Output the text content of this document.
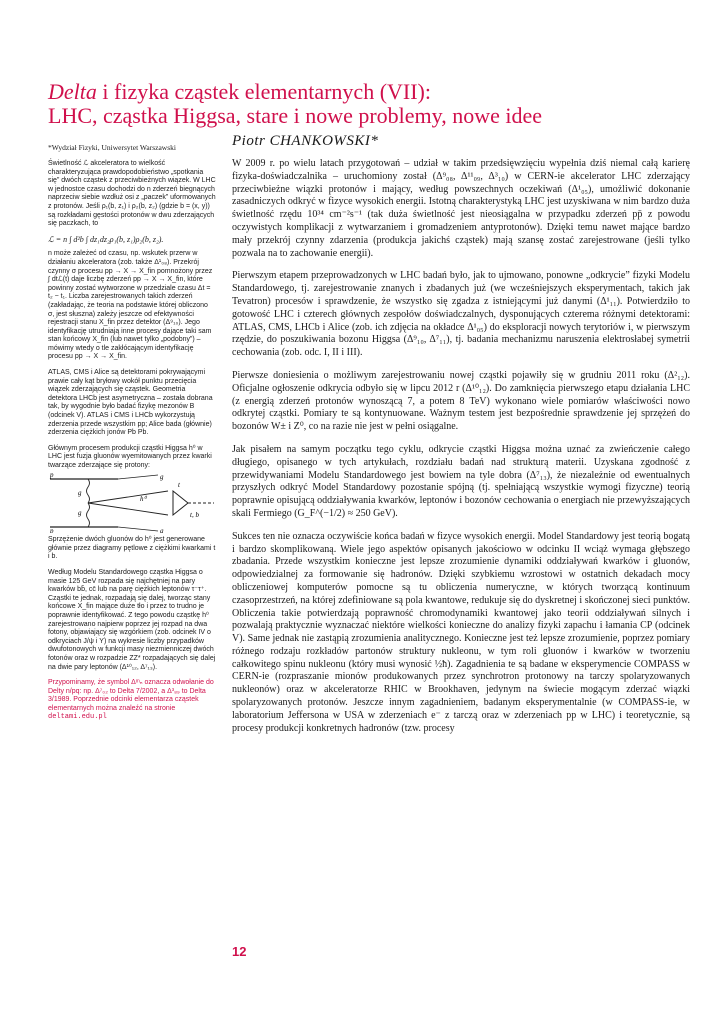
Delta i fizyka cząstek elementarnych (VII):
LHC, cząstka Higgsa, stare i nowe problemy, nowe idee
Piotr CHANKOWSKI*
*Wydział Fizyki, Uniwersytet Warszawski

Świetlność ℒ akceleratora to wielkość charakteryzująca prawdopodobieństwo „spotkania się” dwóch cząstek z przeciwbieżnych wiązek. W LHC w jednostce czasu dochodzi do n zderzeń biegnących naprzeciw siebie wzdłuż osi z „paczek” uformowanych z protonów. Jeśli ρ₁(b, z₁) i ρ₂(b, z₂) (gdzie b = (x, y)) są rozkładami gęstości protonów w dwu zderzających się paczkach, to

ℒ = n ∫ d²b ∫ dz₁dz₂ρ₁(b, z₁)ρ₂(b, z₂).

n może zależeć od czasu, np. wskutek przerw w działaniu akceleratora (zob. także Δ¹₀₈). Przekrój czynny σ procesu pp → X → X_fin pomnożony przez ∫ dtℒ(t) daje liczbę zderzeń pp → X → X_fin, które powinny zostać wytworzone w przedziale czasu Δt = t₂ − t₁. Liczba zarejestrowanych takich zderzeń (zakładając, że teoria na podstawie której obliczono σ, jest słuszna) zależy jeszcze od efektywności rejestracji stanu X_fin przez detektor (Δ⁹₁₀). Jego identyfikację utrudniają inne procesy dające taki sam stan końcowy X_fin (lub nawet tylko „podobny”) – mówimy wtedy o tle zakłócającym identyfikację procesu pp → X → X_fin.

ATLAS, CMS i Alice są detektorami pokrywającymi prawie cały kąt bryłowy wokół punktu przecięcia wiązek zderzających się cząstek. Geometria detektora LHCb jest asymetryczna – została dobrana tak, by wygodnie było badać fizykę mezonów B (odcinek V). ATLAS i CMS i LHCb wykorzystują zderzenia przede wszystkim pp; Alice bada (głównie) zderzenia ciężkich jonów Pb Pb.

Głównym procesem produkcji cząstki Higgsa h⁰ w LHC jest fuzja gluonów wyemitowanych przez kwarki twarzące zderzające się protony:

p	g
g
h⁰
t
t, b
g
p	g

Sprzężenie dwóch gluonów do h⁰ jest generowane głównie przez diagramy pętlowe z ciężkimi kwarkami t i b.

Według Modelu Standardowego cząstka Higgsa o masie 125 GeV rozpada się najchętniej na pary kwarków bb̄, cc̄ lub na parę ciężkich leptonów τ⁻τ⁺. Cząstki te jednak, rozpadają się dalej, tworząc stany końcowe X_fin mające duże tło i przez to trudno je poprawnie identyfikować. Z tego powodu cząstkę h⁰ zarejestrowano najpierw poprzez jej rozpad na dwa fotony, objawiający się wzgórkiem (zob. odcinek IV o odkryciach J/ψ i Υ) na wykresie liczby przypadków dwufotonowych w funkcji masy niezmienniczej dwóch fotonów oraz w rozpadzie ZZ* rozpadających się dalej na dwie pary leptonów (Δ¹⁰₁₂, Δ⁷₁₃).

Przypominamy, że symbol Δᵐₙ oznacza odwołanie do Delty n/pq: np. Δ⁷₀₂ to Delta 7/2002, a Δ³₈₉ to Delta 3/1989. Poprzednie odcinki elementarza cząstek elementarnych można znaleźć na stronie deltami.edu.pl

W 2009 r. po wielu latach przygotowań – udział w takim przedsięwzięciu wypełnia dziś niemal całą karierę fizyka-doświadczalnika – uruchomiony został (Δ⁹₀₈, Δ¹¹₀₉, Δ³₁₀) w CERN-ie akcelerator LHC zderzający przeciwbieżne wiązki protonów i mający, według powszechnych oczekiwań (Δ¹₀₅), umożliwić dokonanie zasadniczych odkryć w fizyce wysokich energii. Istotną charakterystyką LHC jest uzyskiwana w nim bardzo duża świetlność rzędu 10³⁴ cm⁻²s⁻¹ (tak duża świetlność jest nieosiągalna w przypadku zderzeń pp̄ z powodu oczywistych komplikacji z wytwarzaniem i gromadzeniem antyprotonów). Dzięki temu nawet mające bardzo mały przekrój czynny zdarzenia (produkcja jakichś cząstek) mają szansę zostać zarejestrowane (jeśli tylko pozwala na to zachowanie energii).

Pierwszym etapem przeprowadzonych w LHC badań było, jak to ujmowano, ponowne „odkrycie” fizyki Modelu Standardowego, tj. zarejestrowanie znanych i zbadanych już (we wcześniejszych eksperymentach, takich jak Tevatron) procesów i sprawdzenie, że wszystko się zgadza z istniejącymi już danymi (Δ¹₁₁). Potwierdziło to gotowość LHC i czterech głównych zespołów doświadczalnych, dysponujących czterema różnymi detektorami: ATLAS, CMS, LHCb i Alice (zob. ich zdjęcia na okładce Δ¹₀₅) do eksploracji nowych terytoriów i, w pierwszym rzędzie, do poszukiwania bozonu Higgsa (Δ⁹₁₀, Δ⁷₁₁), tj. badania mechanizmu naruszenia elektrosłabej symetrii cechowania (zob. odc. I, II i III).

Pierwsze doniesienia o możliwym zarejestrowaniu nowej cząstki pojawiły się w grudniu 2011 roku (Δ²₁₂). Oficjalne ogłoszenie odkrycia odbyło się w lipcu 2012 r (Δ¹⁰₁₂). Do zamknięcia pierwszego etapu działania LHC (z energią zderzeń protonów wynoszącą 7, a potem 8 TeV) wykonano wiele pomiarów właściwości nowo odkrytej cząstki. Pomiary te są kontynuowane. Ważnym testem jest bezpośrednie sprawdzenie jej sprzężeń do bozonów W± i Z⁰, co na razie nie jest w pełni osiągalne.

Jak pisałem na samym początku tego cyklu, odkrycie cząstki Higgsa można uznać za zwieńczenie całego długiego, opisanego w tych artykułach, rozdziału badań nad strukturą materii. Uzyskana zgodność z przewidywaniami Modelu Standardowego jest bowiem na tyle dobra (Δ⁷₁₃), że niezależnie od ewentualnych przyszłych odkryć Model Standardowy pozostanie spójną (tj. spełniającą wszystkie wymogi fizyczne) teorią poprawnie opisującą oddziaływania kwarków, leptonów i bozonów cechowania o energiach nie przewyższających skali Fermiego (G_F^(−1/2) ≈ 250 GeV).

Sukces ten nie oznacza oczywiście końca badań w fizyce wysokich energii. Model Standardowy jest teorią bogatą i bardzo skomplikowaną. Wiele jego aspektów opisanych jakościowo w odcinku II wciąż wymaga głębszego zbadania. Przede wszystkim konieczne jest lepsze zrozumienie dynamiki oddziaływań kwarków i gluonów, odpowiedzialnej za formowanie się hadronów. Dzięki szybkiemu wzrostowi w ostatnich dekadach mocy obliczeniowej komputerów pomocne są tu obliczenia numeryczne, w których tworzącą kontinuum czasoprzestrzeń, na której zdefiniowane są pola kwantowe, redukuje się do dyskretnej i skończonej sieci punktów. Obliczenia takie potwierdzają poprawność chromodynamiki kwantowej jako teorii oddziaływań silnych i pozwalają praktycznie wyznaczać niektóre wielkości konieczne do analizy fizyki zapachu i łamania CP (odcinek V). Same jednak nie zastąpią zrozumienia analitycznego. Konieczne jest też lepsze zrozumienie, poprzez pomiary różnego rodzaju rozkładów partonów struktury nukleonu, w tym roli gluonów i kwarków w tworzeniu całkowitego spinu nukleonu (który musi wynosić ½ħ). Zagadnienia te są badane w eksperymencie COMPASS w CERN-ie (rozpraszanie mionów produkowanych przez synchrotron protonowy na tarczy spolaryzowanych nukleonów) oraz w akceleratorze RHIC w Brookhaven, jedynym na świecie mogącym zderzać wiązki spolaryzowanych protonów. Jeszcze innym zagadnieniem, badanym eksperymentalnie (w COMPASS-ie, w laboratorium Jeffersona w USA w zderzeniach e⁻ z tarczą oraz w zderzeniach pp w LHC) i teoretycznie, są procesy produkcji konkretnych hadronów (tzw. procesy

12
